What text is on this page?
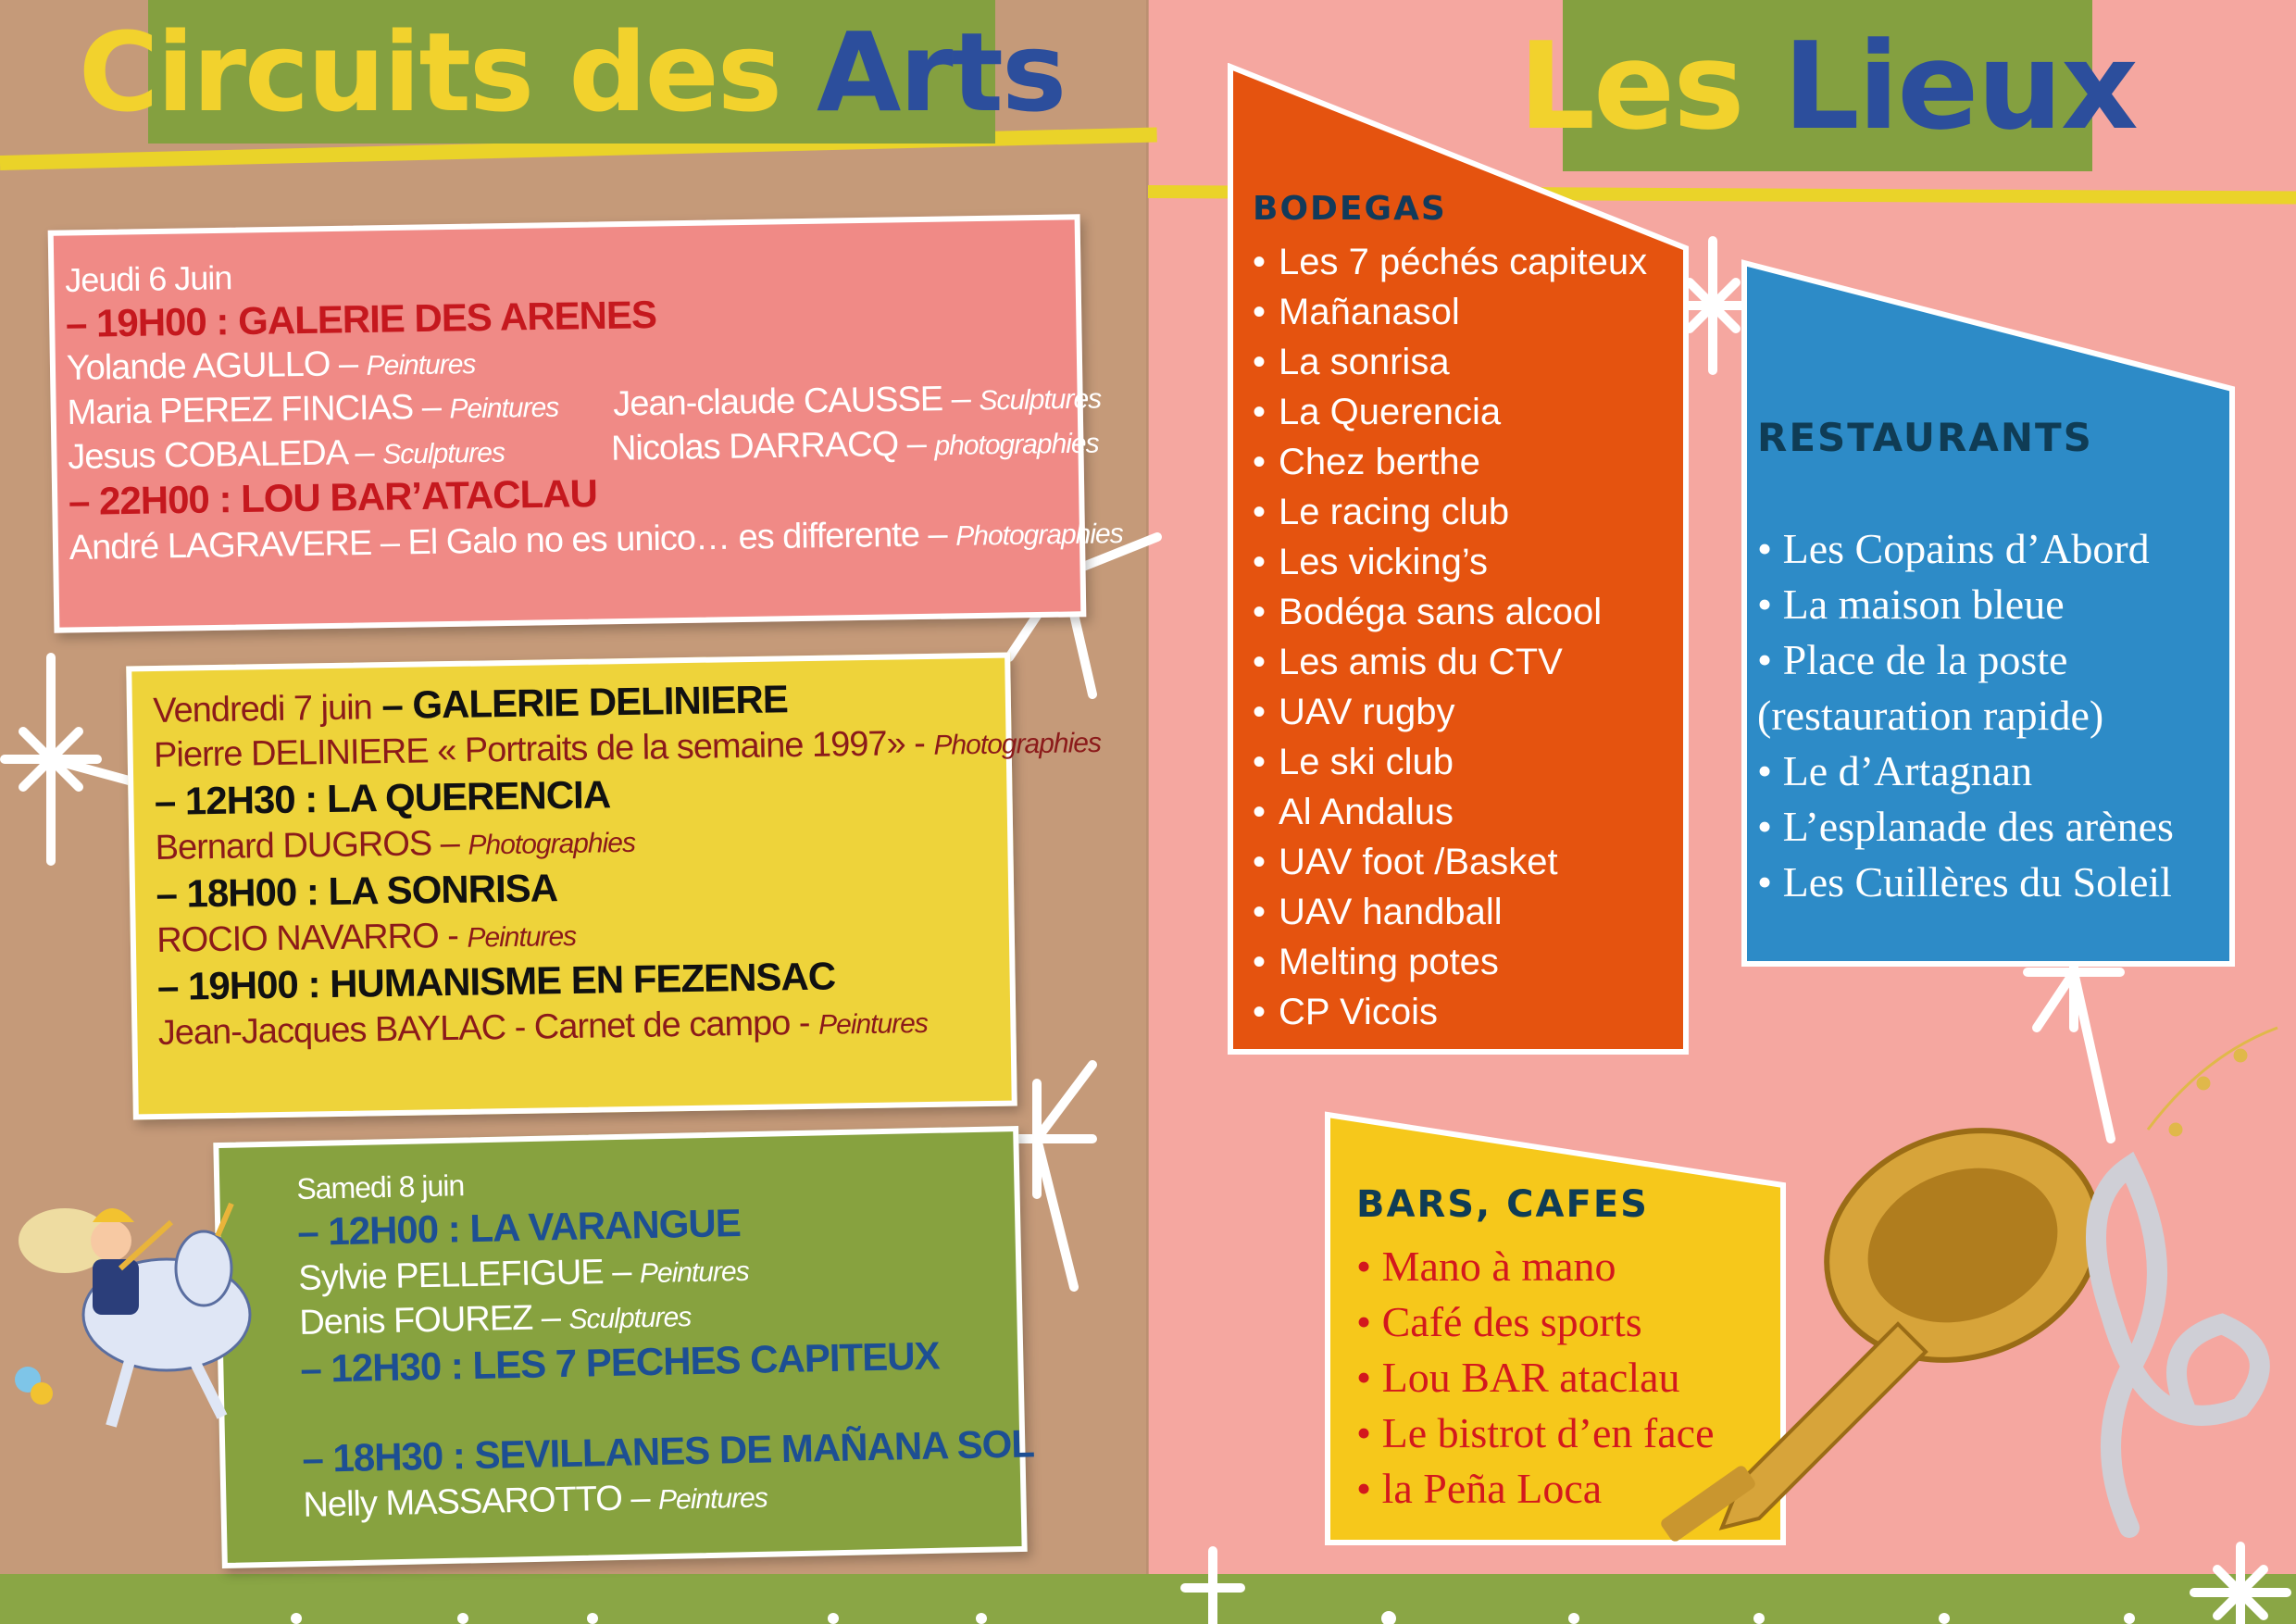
Circuits des Arts	Les Lieux
Jeudi 6 Juin
– 19H00 : GALERIE DES ARENES
Yolande AGULLO – Peintures
Maria PEREZ FINCIAS – Peintures Jean-claude CAUSSE – Sculptures
Jesus COBALEDA – Sculptures	Nicolas DARRACQ – photographies
– 22H00 : LOU BAR’ATACLAU
André LAGRAVERE – El Galo no es unico… es differente – Photographies
Vendredi 7 juin – GALERIE DELINIERE
Pierre DELINIERE « Portraits de la semaine 1997» - Photographies
– 12H30 : LA QUERENCIA
Bernard DUGROS – Photographies
– 18H00 : LA SONRISA
ROCIO NAVARRO - Peintures
– 19H00 : HUMANISME EN FEZENSAC
Jean-Jacques BAYLAC - Carnet de campo - Peintures
Samedi 8 juin
– 12H00 : LA VARANGUE
Sylvie PELLEFIGUE – Peintures
Denis FOUREZ – Sculptures
– 12H30 : LES 7 PECHES CAPITEUX
– 18H30 : SEVILLANES DE MAÑANA SOL
Nelly MASSAROTTO – Peintures
BODEGAS
• Les 7 péchés capiteux
• Mañanasol
• La sonrisa
• La Querencia
• Chez berthe
• Le racing club
• Les vicking’s
• Bodéga sans alcool
• Les amis du CTV
• UAV rugby
• Le ski club
• Al Andalus
• UAV foot /Basket
• UAV handball
• Melting potes
• CP Vicois
RESTAURANTS
• Les Copains d’Abord
• La maison bleue
• Place de la poste
(restauration rapide)
• Le d’Artagnan
• L’esplanade des arènes
• Les Cuillères du Soleil
BARS, CAFES
• Mano à mano
• Café des sports
• Lou BAR ataclau
• Le bistrot d’en face
• la Peña Loca
